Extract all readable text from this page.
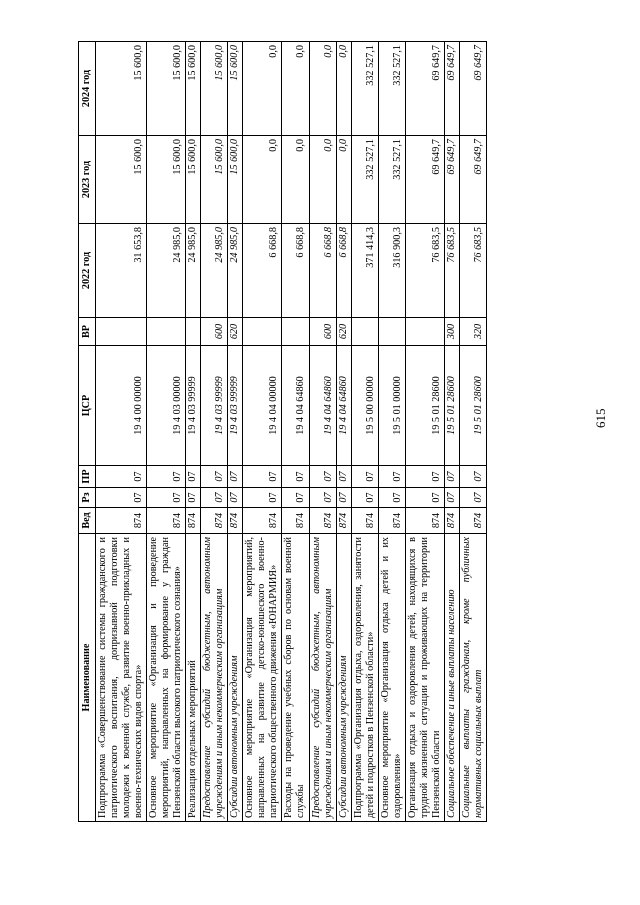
615
Наименование	Вед	Рз	ПР	ЦСР	ВР	2022 год	2023 год	2024 год
Подпрограмма «Совершенствование системы гражданского и патриотического воспитания, допризывной подготовки молодежи к военной службе, развитие военно-прикладных и военно-технических видов спорта»	874	07	07	19 4 00 00000		31 653,8	15 600,0	15 600,0
Основное мероприятие «Организация и проведение мероприятий, направленных на формирование у граждан Пензенской области высокого патриотического сознания»	874	07	07	19 4 03 00000		24 985,0	15 600,0	15 600,0
Реализация отдельных мероприятий	874	07	07	19 4 03 99999		24 985,0	15 600,0	15 600,0
Предоставление субсидий бюджетным, автономным учреждениям и иным некоммерческим организациям	874	07	07	19 4 03 99999	600	24 985,0	15 600,0	15 600,0
Субсидии автономным учреждениям	874	07	07	19 4 03 99999	620	24 985,0	15 600,0	15 600,0
Основное мероприятие «Организация мероприятий, направленных на развитие детско-юношеского военно-патриотического общественного движения «ЮНАРМИЯ»	874	07	07	19 4 04 00000		6 668,8	0,0	0,0
Расходы на проведение учебных сборов по основам военной службы	874	07	07	19 4 04 64860		6 668,8	0,0	0,0
Предоставление субсидий бюджетным, автономным учреждениям и иным некоммерческим организациям	874	07	07	19 4 04 64860	600	6 668,8	0,0	0,0
Субсидии автономным учреждениям	874	07	07	19 4 04 64860	620	6 668,8	0,0	0,0
Подпрограмма «Организация отдыха, оздоровления, занятости детей и подростков в Пензенской области»	874	07	07	19 5 00 00000		371 414,3	332 527,1	332 527,1
Основное мероприятие «Организация отдыха детей и их оздоровления»	874	07	07	19 5 01 00000		316 900,3	332 527,1	332 527,1
Организация отдыха и оздоровления детей, находящихся в трудной жизненной ситуации и проживающих на территории Пензенской области	874	07	07	19 5 01 28600		76 683,5	69 649,7	69 649,7
Социальное обеспечение и иные выплаты населению	874	07	07	19 5 01 28600	300	76 683,5	69 649,7	69 649,7
Социальные выплаты гражданам, кроме публичных нормативных социальных выплат	874	07	07	19 5 01 28600	320	76 683,5	69 649,7	69 649,7
